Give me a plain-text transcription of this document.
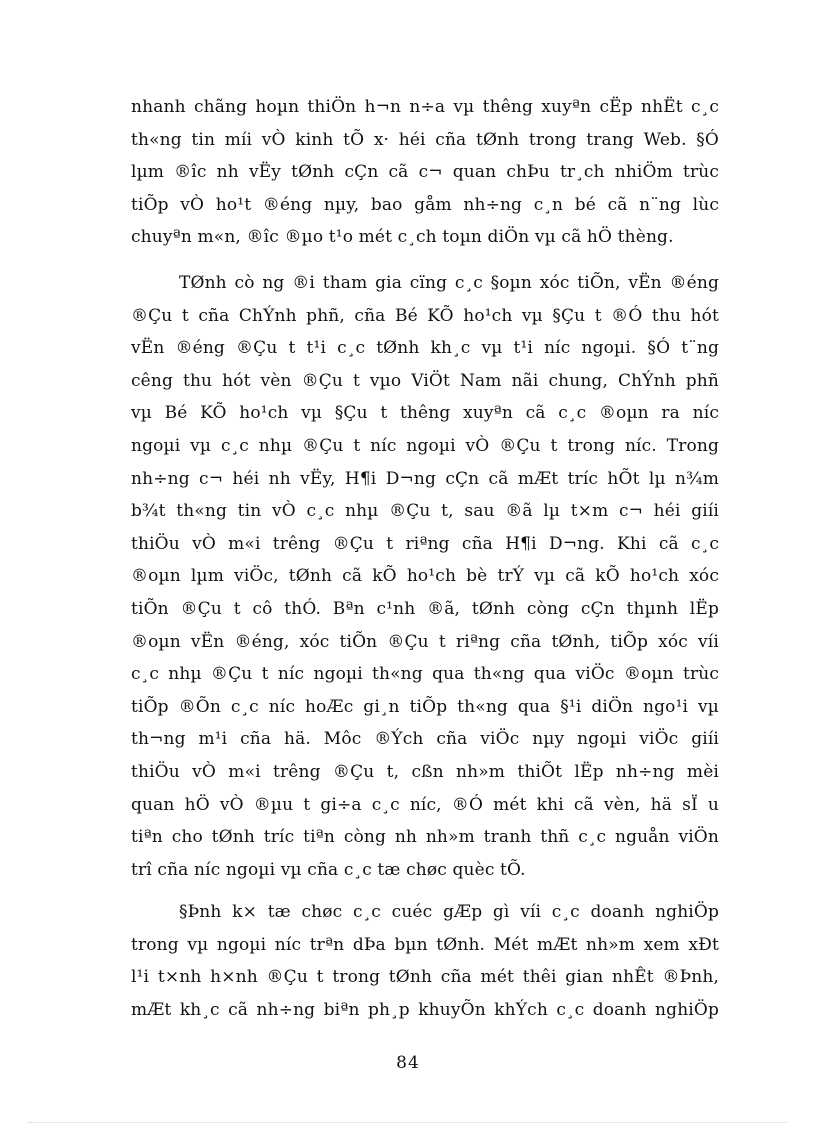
nhanh chãng hoµn thiÖn h¬n n÷a vµ thêng xuyªn cËp nhËt c¸c
th«ng tin míi vÒ kinh tÕ x· héi cña tØnh trong trang Web. §Ó
lµm ®îc nh vËy tØnh cÇn cã c¬ quan chÞu tr¸ch nhiÖm trùc
tiÕp vÒ ho¹t ®éng nµy, bao gåm nh÷ng c¸n bé cã n¨ng lùc
chuyªn m«n, ®îc ®µo t¹o mét c¸ch toµn diÖn vµ cã hÖ thèng.
TØnh cò ng ®i tham gia cïng c¸c §oµn xóc tiÕn, vËn ®éng
®Çu t cña ChÝnh phñ, cña Bé KÕ ho¹ch vµ §Çu t ®Ó thu hót
vËn ®éng ®Çu t t¹i c¸c tØnh kh¸c vµ t¹i níc ngoµi. §Ó t¨ng
cêng thu hót vèn ®Çu t vµo ViÖt Nam nãi chung, ChÝnh phñ
vµ Bé KÕ ho¹ch vµ §Çu t thêng xuyªn cã c¸c ®oµn ra níc
ngoµi vµ c¸c nhµ ®Çu t níc ngoµi vÒ ®Çu t trong níc. Trong
nh÷ng c¬ héi nh vËy, H¶i D¬ng cÇn cã mÆt tríc hÕt lµ n¾m
b¾t th«ng tin vÒ c¸c nhµ ®Çu t, sau ®ã lµ t×m c¬ héi giíi
thiÖu vÒ m«i trêng ®Çu t riªng cña H¶i D¬ng. Khi cã c¸c
®oµn lµm viÖc, tØnh cã kÕ ho¹ch bè trÝ vµ cã kÕ ho¹ch xóc
tiÕn ®Çu t cô thÓ. Bªn c¹nh ®ã, tØnh còng cÇn thµnh lËp
®oµn vËn ®éng, xóc tiÕn ®Çu t riªng cña tØnh, tiÕp xóc víi
c¸c nhµ ®Çu t níc ngoµi th«ng qua th«ng qua viÖc ®oµn trùc
tiÕp ®Õn c¸c níc hoÆc gi¸n tiÕp th«ng qua §¹i diÖn ngo¹i vµ
th¬ng m¹i cña hä. Môc ®Ých cña viÖc nµy ngoµi viÖc giíi
thiÖu vÒ m«i trêng ®Çu t, cßn nh»m thiÕt lËp nh÷ng mèi
quan hÖ vÒ ®µu t gi÷a c¸c níc, ®Ó mét khi cã vèn, hä sÏ u
tiªn cho tØnh tríc tiªn còng nh nh»m tranh thñ c¸c nguån viÖn
trî cña níc ngoµi vµ cña c¸c tæ chøc quèc tÕ.
§Þnh k× tæ chøc c¸c cuéc gÆp gì víi c¸c doanh nghiÖp
trong vµ ngoµi níc trªn dÞa bµn tØnh. Mét mÆt nh»m xem xÐt
l¹i t×nh h×nh ®Çu t trong tØnh cña mét thêi gian nhÊt ®Þnh,
mÆt kh¸c cã nh÷ng biªn ph¸p khuyÕn khÝch c¸c doanh nghiÖp
84
